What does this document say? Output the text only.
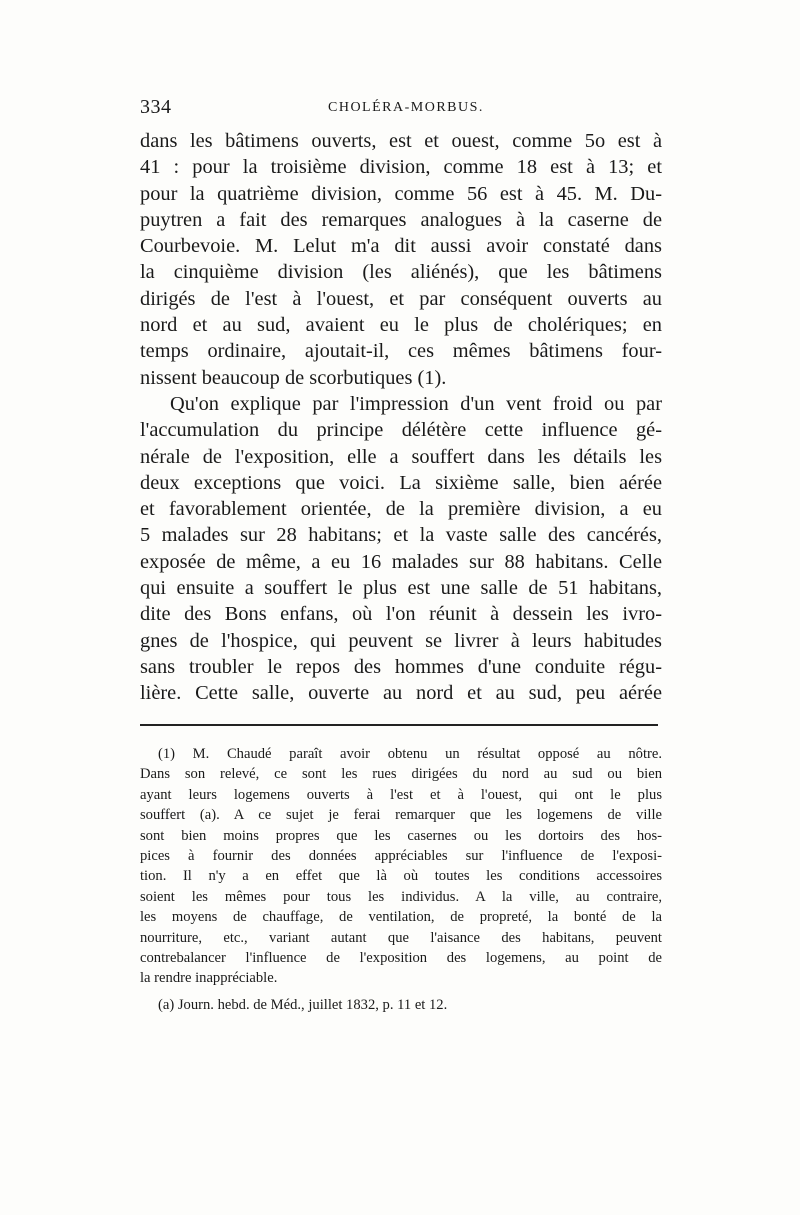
334	CHOLÉRA-MORBUS.

dans les bâtimens ouverts, est et ouest, comme 5o est à

41 : pour la troisième division, comme 18 est à 13; et

pour la quatrième division, comme 56 est à 45. M. Du-

puytren a fait des remarques analogues à la caserne de

Courbevoie. M. Lelut m'a dit aussi avoir constaté dans

la cinquième division (les aliénés), que les bâtimens

dirigés de l'est à l'ouest, et par conséquent ouverts au

nord et au sud, avaient eu le plus de cholériques; en

temps ordinaire, ajoutait-il, ces mêmes bâtimens four-

nissent beaucoup de scorbutiques (1).

Qu'on explique par l'impression d'un vent froid ou par

l'accumulation du principe délétère cette influence gé-

nérale de l'exposition, elle a souffert dans les détails les

deux exceptions que voici. La sixième salle, bien aérée

et favorablement orientée, de la première division, a eu

5 malades sur 28 habitans; et la vaste salle des cancérés,

exposée de même, a eu 16 malades sur 88 habitans. Celle

qui ensuite a souffert le plus est une salle de 51 habitans,

dite des Bons enfans, où l'on réunit à dessein les ivro-

gnes de l'hospice, qui peuvent se livrer à leurs habitudes

sans troubler le repos des hommes d'une conduite régu-

lière. Cette salle, ouverte au nord et au sud, peu aérée

(1) M. Chaudé paraît avoir obtenu un résultat opposé au nôtre.

Dans son relevé, ce sont les rues dirigées du nord au sud ou bien

ayant leurs logemens ouverts à l'est et à l'ouest, qui ont le plus

souffert (a). A ce sujet je ferai remarquer que les logemens de ville

sont bien moins propres que les casernes ou les dortoirs des hos-

pices à fournir des données appréciables sur l'influence de l'exposi-

tion. Il n'y a en effet que là où toutes les conditions accessoires

soient les mêmes pour tous les individus. A la ville, au contraire,

les moyens de chauffage, de ventilation, de propreté, la bonté de la

nourriture, etc., variant autant que l'aisance des habitans, peuvent

contrebalancer l'influence de l'exposition des logemens, au point de

la rendre inappréciable.

(a) Journ. hebd. de Méd., juillet 1832, p. 11 et 12.
